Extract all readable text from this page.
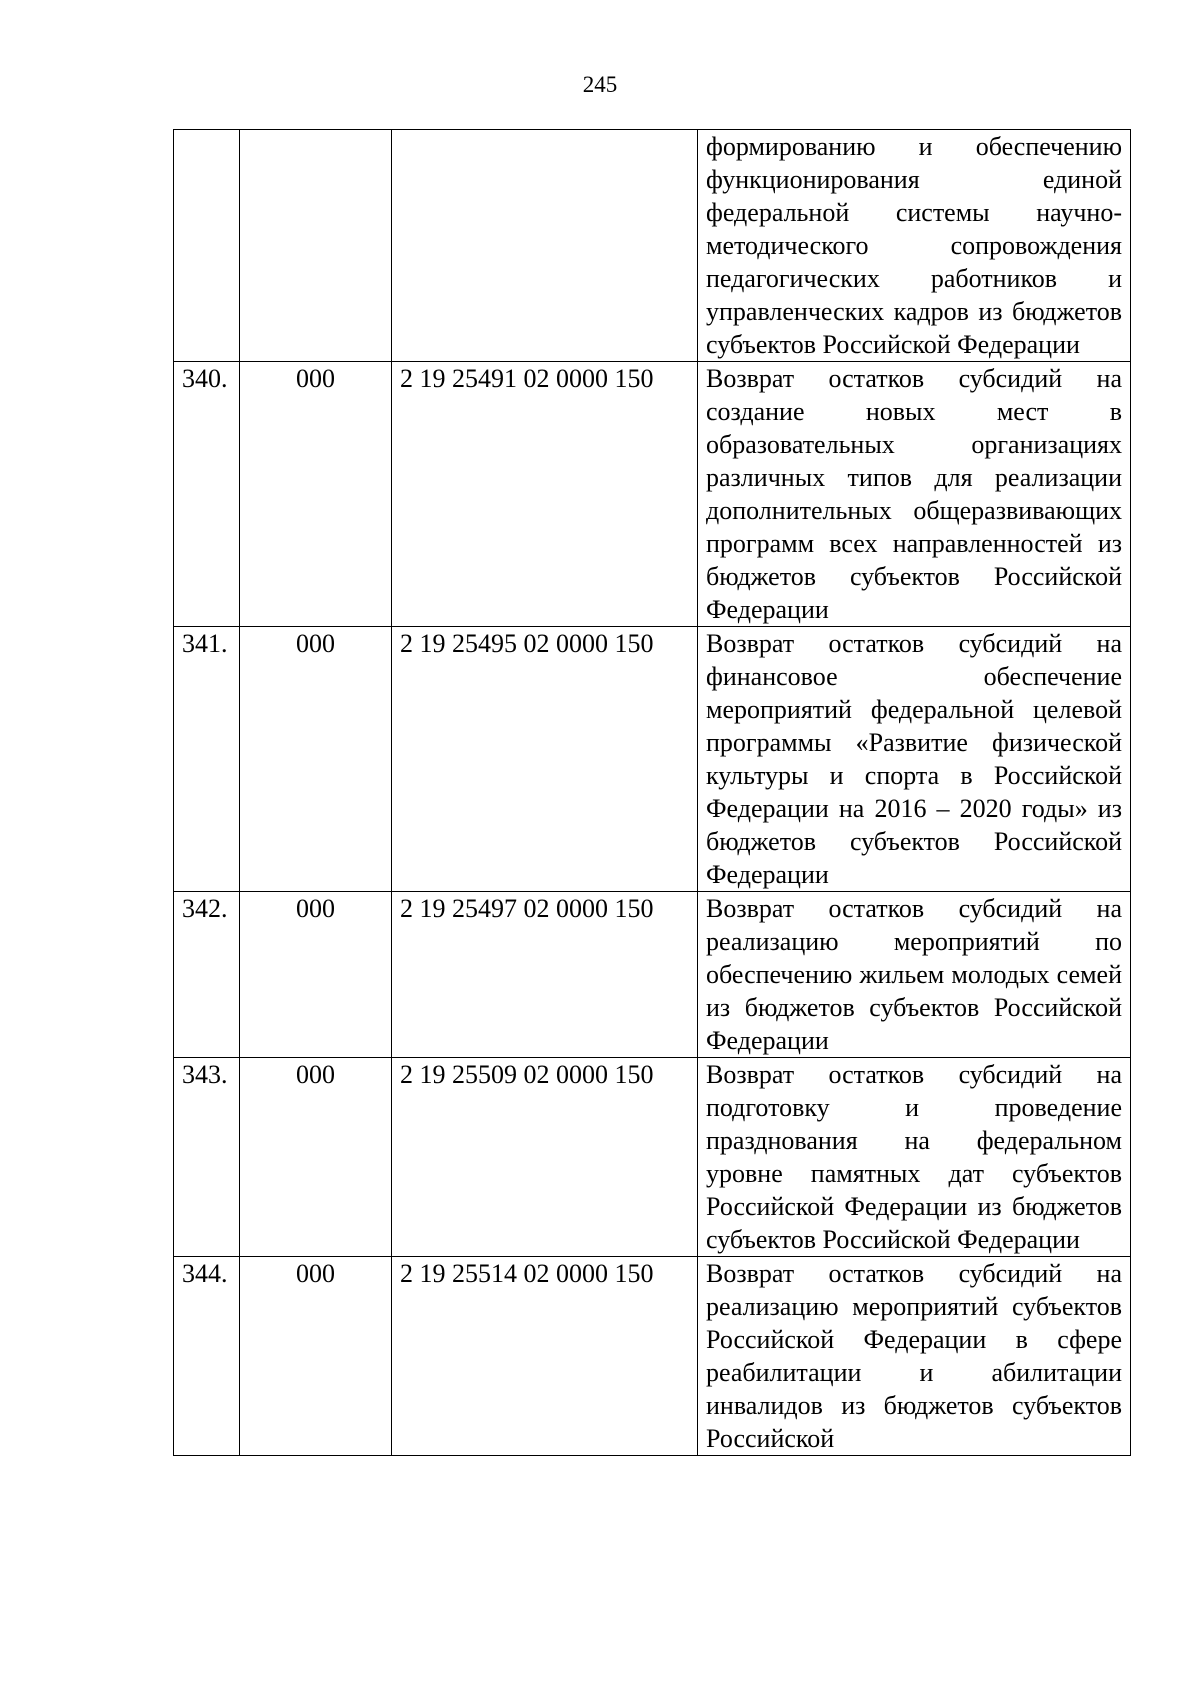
245
			формированию и обеспечению функционирования единой федеральной системы научно-методического сопровождения педагогических работников и управленческих кадров из бюджетов субъектов Российской Федерации
340.	000	2 19 25491 02 0000 150	Возврат остатков субсидий на создание новых мест в образовательных организациях различных типов для реализации дополнительных общеразвивающих программ всех направленностей из бюджетов субъектов Российской Федерации
341.	000	2 19 25495 02 0000 150	Возврат остатков субсидий на финансовое обеспечение мероприятий федеральной целевой программы «Развитие физической культуры и спорта в Российской Федерации на 2016 – 2020 годы» из бюджетов субъектов Российской Федерации
342.	000	2 19 25497 02 0000 150	Возврат остатков субсидий на реализацию мероприятий по обеспечению жильем молодых семей из бюджетов субъектов Российской Федерации
343.	000	2 19 25509 02 0000 150	Возврат остатков субсидий на подготовку и проведение празднования на федеральном уровне памятных дат субъектов Российской Федерации из бюджетов субъектов Российской Федерации
344.	000	2 19 25514 02 0000 150	Возврат остатков субсидий на реализацию мероприятий субъектов Российской Федерации в сфере реабилитации и абилитации инвалидов из бюджетов субъектов Российской
